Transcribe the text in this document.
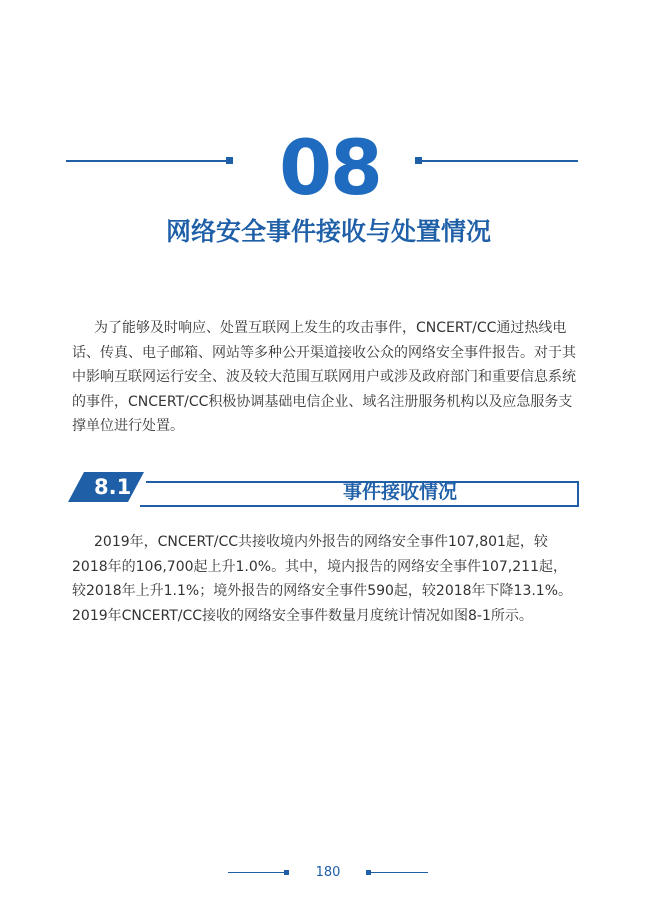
08
网络安全事件接收与处置情况
为了能够及时响应、处置互联网上发生的攻击事件，CNCERT/CC通过热线电
话、传真、电子邮箱、网站等多种公开渠道接收公众的网络安全事件报告。对于其
中影响互联网运行安全、波及较大范围互联网用户或涉及政府部门和重要信息系统
的事件，CNCERT/CC积极协调基础电信企业、域名注册服务机构以及应急服务支
撑单位进行处置。
8.1	事件接收情况
2019年，CNCERT/CC共接收境内外报告的网络安全事件107,801起，较
2018年的106,700起上升1.0%。其中，境内报告的网络安全事件107,211起，
较2018年上升1.1%；境外报告的网络安全事件590起，较2018年下降13.1%。
2019年CNCERT/CC接收的网络安全事件数量月度统计情况如图8-1所示。
180
